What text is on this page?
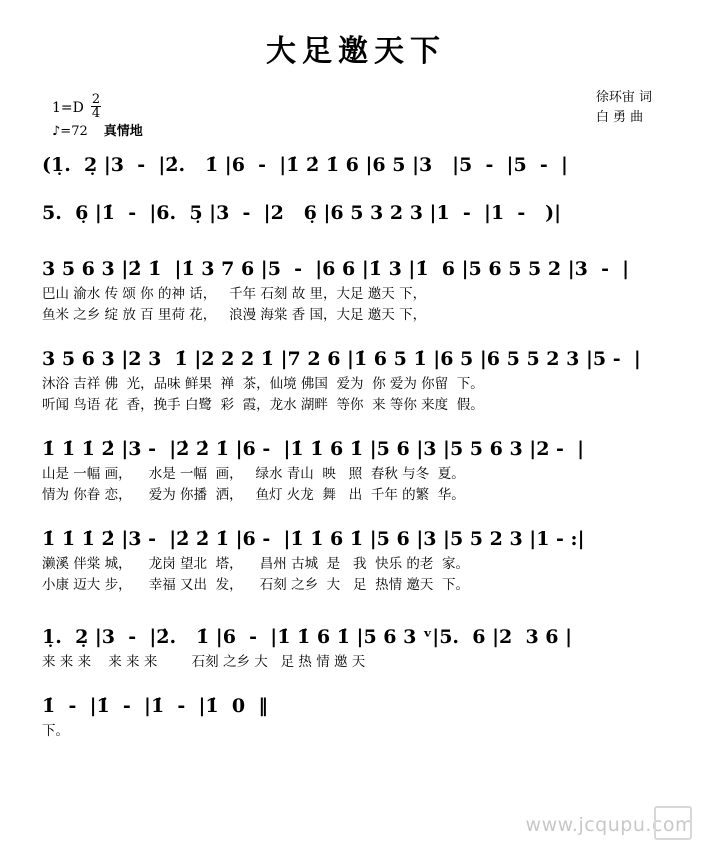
大足邀天下
$1=D \frac{2}{4}$
♪=72 真情地
徐环宙 词
白 勇 曲
(1̣.  2̣ |3  -  |2̇.   1̇ |6  -  |1̇ 2̇ 1̇ 6 |6 5 |3   |5  -  |5  -  |
5.  6̣ |1̇  -  |6.  5̣ |3  -  |2   6̣ |6 5 3 2 3 |1  -  |1  -   )|
3 5 6 3 |2̇ 1̇  |1̇ 3 7 6 |5  -  |6 6 |1̇ 3 |1̇  6 |5 6 5 5 2 |3  -  |
巴山 渝水 传 颂 你 的神 话，   千年 石刻 故 里，大足 邀天 下，
鱼米 之乡 绽 放 百 里荷 花，   浪漫 海棠 香 国，大足 邀天 下，
3 5 6 3 |2 3  1̇ |2 2 2 1̇ |7 2 6 |1̇ 6 5 1̇ |6 5 |6 5 5 2 3 |5 -  |
沐浴 吉祥 佛  光，品味 鲜果  禅  茶，仙境 佛国  爱为  你 爱为 你留  下。
听闻 鸟语 花  香，挽手 白鹭  彩  霞，龙水 湖畔  等你  来 等你 来度  假。
1̇ 1̇ 1̇ 2̇ |3 -  |2̇ 2̇ 1̇ |6 -  |1̇ 1̇ 6 1̇ |5 6 |3 |5 5 6 3 |2 -  |
山是 一幅 画，    水是 一幅  画，   绿水 青山  映   照  春秋 与冬  夏。
情为 你眷 恋，    爱为 你播  洒，   鱼灯 火龙  舞   出  千年 的繁  华。
1̇ 1̇ 1̇ 2̇ |3 -  |2̇ 2̇ 1̇ |6 -  |1̇ 1̇ 6 1̇ |5 6 |3 |5 5 2 3 |1 - :|
濑溪 伴棠 城，    龙岗 望北  塔，    昌州 古城  是   我  快乐 的老  家。
小康 迈大 步，    幸福 又出  发，    石刻 之乡  大   足  热情 邀天  下。
1̣.  2̣ |3  -  |2̇.   1̇ |6  -  |1̇ 1̇ 6 1̇ |5 6 3 ᵛ|5.  6 |2  3 6 |
来 来 来    来 来 来        石刻 之乡 大   足 热 情 邀 天
1̇  -  |1̇  -  |1̇  -  |1̇  0  ‖
下。
www.jcqupu.com
